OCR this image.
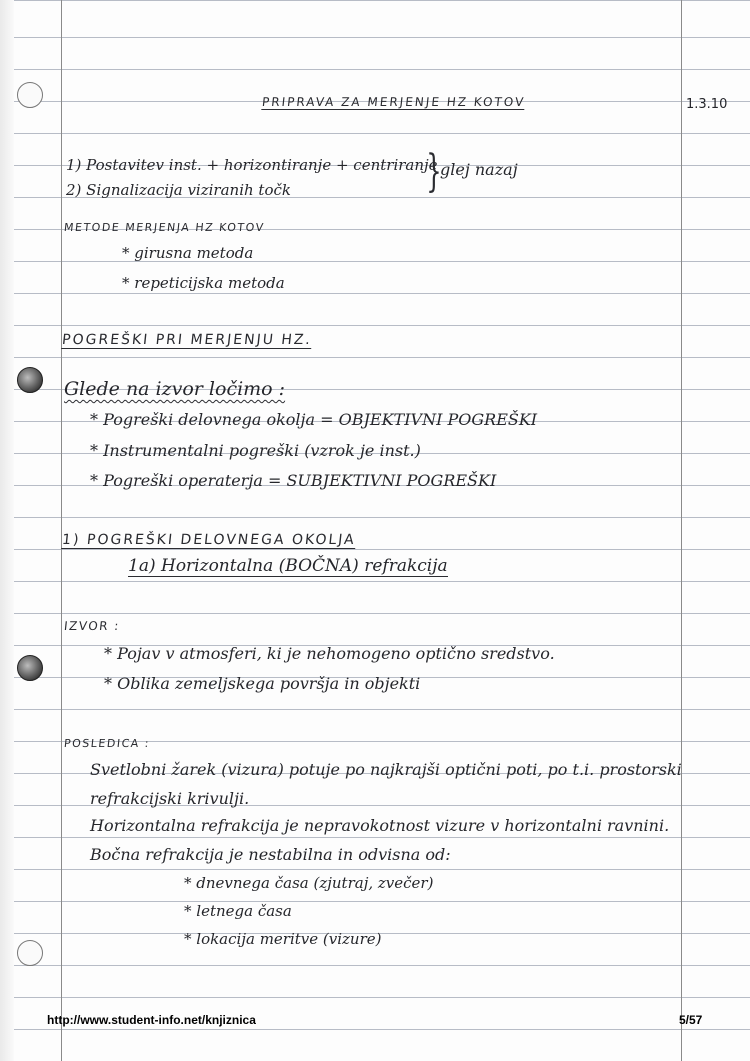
PRIPRAVA ZA MERJENJE HZ KOTOV	1.3.10
1) Postavitev inst. + horizontiranje + centriranje
2) Signalizacija viziranih točk	}
glej nazaj
METODE MERJENJA HZ KOTOV
* girusna metoda
* repeticijska metoda
POGREŠKI PRI MERJENJU HZ.
Glede na izvor ločimo :
* Pogreški delovnega okolja = OBJEKTIVNI POGREŠKI
* Instrumentalni pogreški (vzrok je inst.)
* Pogreški operaterja = SUBJEKTIVNI POGREŠKI
1) POGREŠKI DELOVNEGA OKOLJA
1a) Horizontalna (BOČNA) refrakcija
IZVOR :
* Pojav v atmosferi, ki je nehomogeno optično sredstvo.
* Oblika zemeljskega površja in objekti
POSLEDICA :
Svetlobni žarek (vizura) potuje po najkrajši optični poti, po t.i. prostorski
refrakcijski krivulji.
Horizontalna refrakcija je nepravokotnost vizure v horizontalni ravnini.
Bočna refrakcija je nestabilna in odvisna od:
* dnevnega časa (zjutraj, zvečer)
* letnega časa
* lokacija meritve (vizure)
http://www.student-info.net/knjiznica	5/57
